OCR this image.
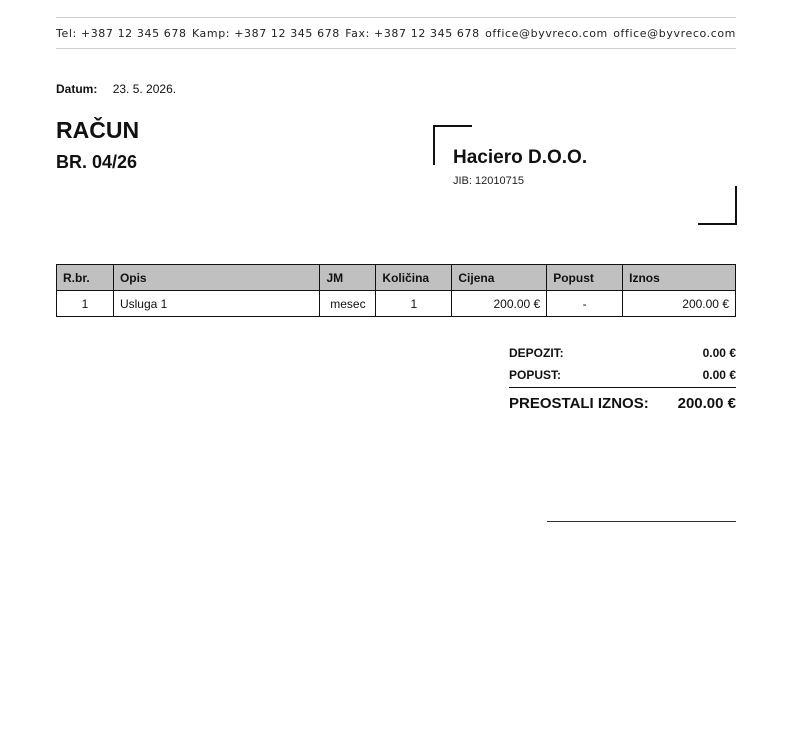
Tel: +387 12 345 678 Kamp: +387 12 345 678 Fax: +387 12 345 678 office@byvreco.com office@byvreco.com
Datum: 23. 5. 2026.
RAČUN
BR. 04/26	Haciero D.O.O.
JIB: 12010715
R.br.	Opis	JM	Količina	Cijena	Popust	Iznos
1	Usluga 1	mesec	1	200.00 €	-	200.00 €
DEPOZIT:	0.00 €
POPUST:	0.00 €
PREOSTALI IZNOS: 200.00 €
